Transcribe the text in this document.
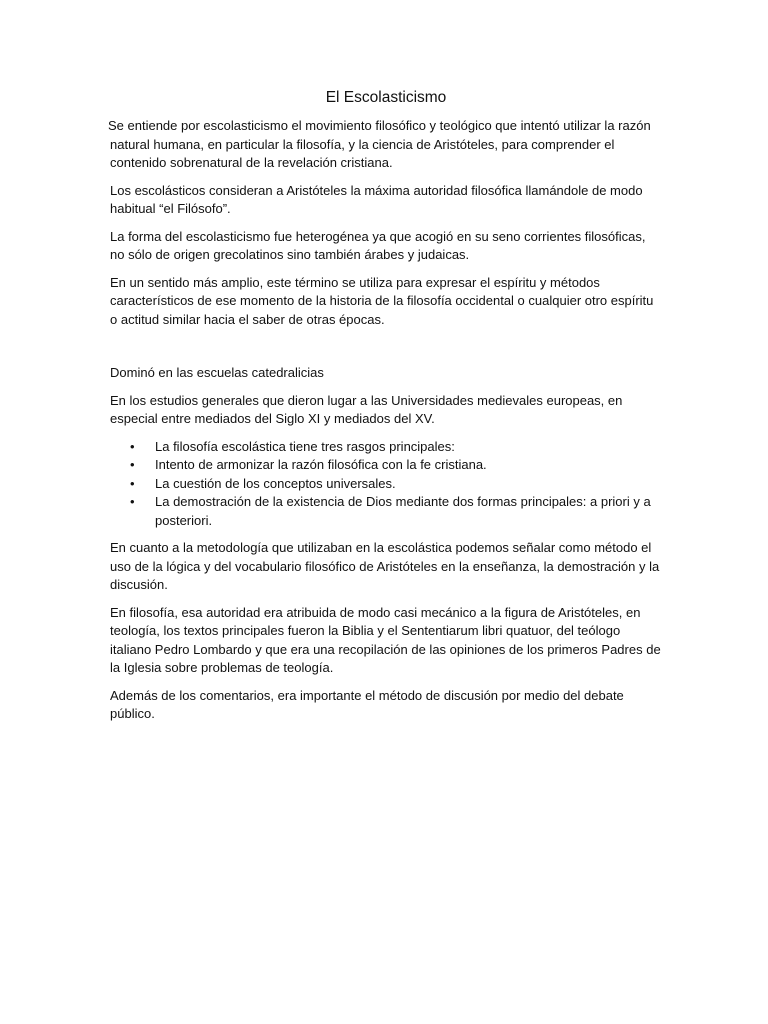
El Escolasticismo

Se entiende por escolasticismo el movimiento filosófico y teológico que intentó utilizar la razón natural humana, en particular la filosofía, y la ciencia de Aristóteles, para comprender el contenido sobrenatural de la revelación cristiana.

Los escolásticos consideran a Aristóteles la máxima autoridad filosófica llamándole de modo habitual “el Filósofo”.

La forma del escolasticismo fue heterogénea ya que acogió en su seno corrientes filosóficas, no sólo de origen grecolatinos sino también árabes y judaicas.

En un sentido más amplio, este término se utiliza para expresar el espíritu y métodos característicos de ese momento de la historia de la filosofía occidental o cualquier otro espíritu o actitud similar hacia el saber de otras épocas.

Dominó en las escuelas catedralicias

En los estudios generales que dieron lugar a las Universidades medievales europeas, en especial entre mediados del Siglo XI y mediados del XV.

• La filosofía escolástica tiene tres rasgos principales:
• Intento de armonizar la razón filosófica con la fe cristiana.
• La cuestión de los conceptos universales.
• La demostración de la existencia de Dios mediante dos formas principales: a priori y a posteriori.

En cuanto a la metodología que utilizaban en la escolástica podemos señalar como método el uso de la lógica y del vocabulario filosófico de Aristóteles en la enseñanza, la demostración y la discusión.

En filosofía, esa autoridad era atribuida de modo casi mecánico a la figura de Aristóteles, en teología, los textos principales fueron la Biblia y el Sententiarum libri quatuor, del teólogo italiano Pedro Lombardo y que era una recopilación de las opiniones de los primeros Padres de la Iglesia sobre problemas de teología.

Además de los comentarios, era importante el método de discusión por medio del debate público.
